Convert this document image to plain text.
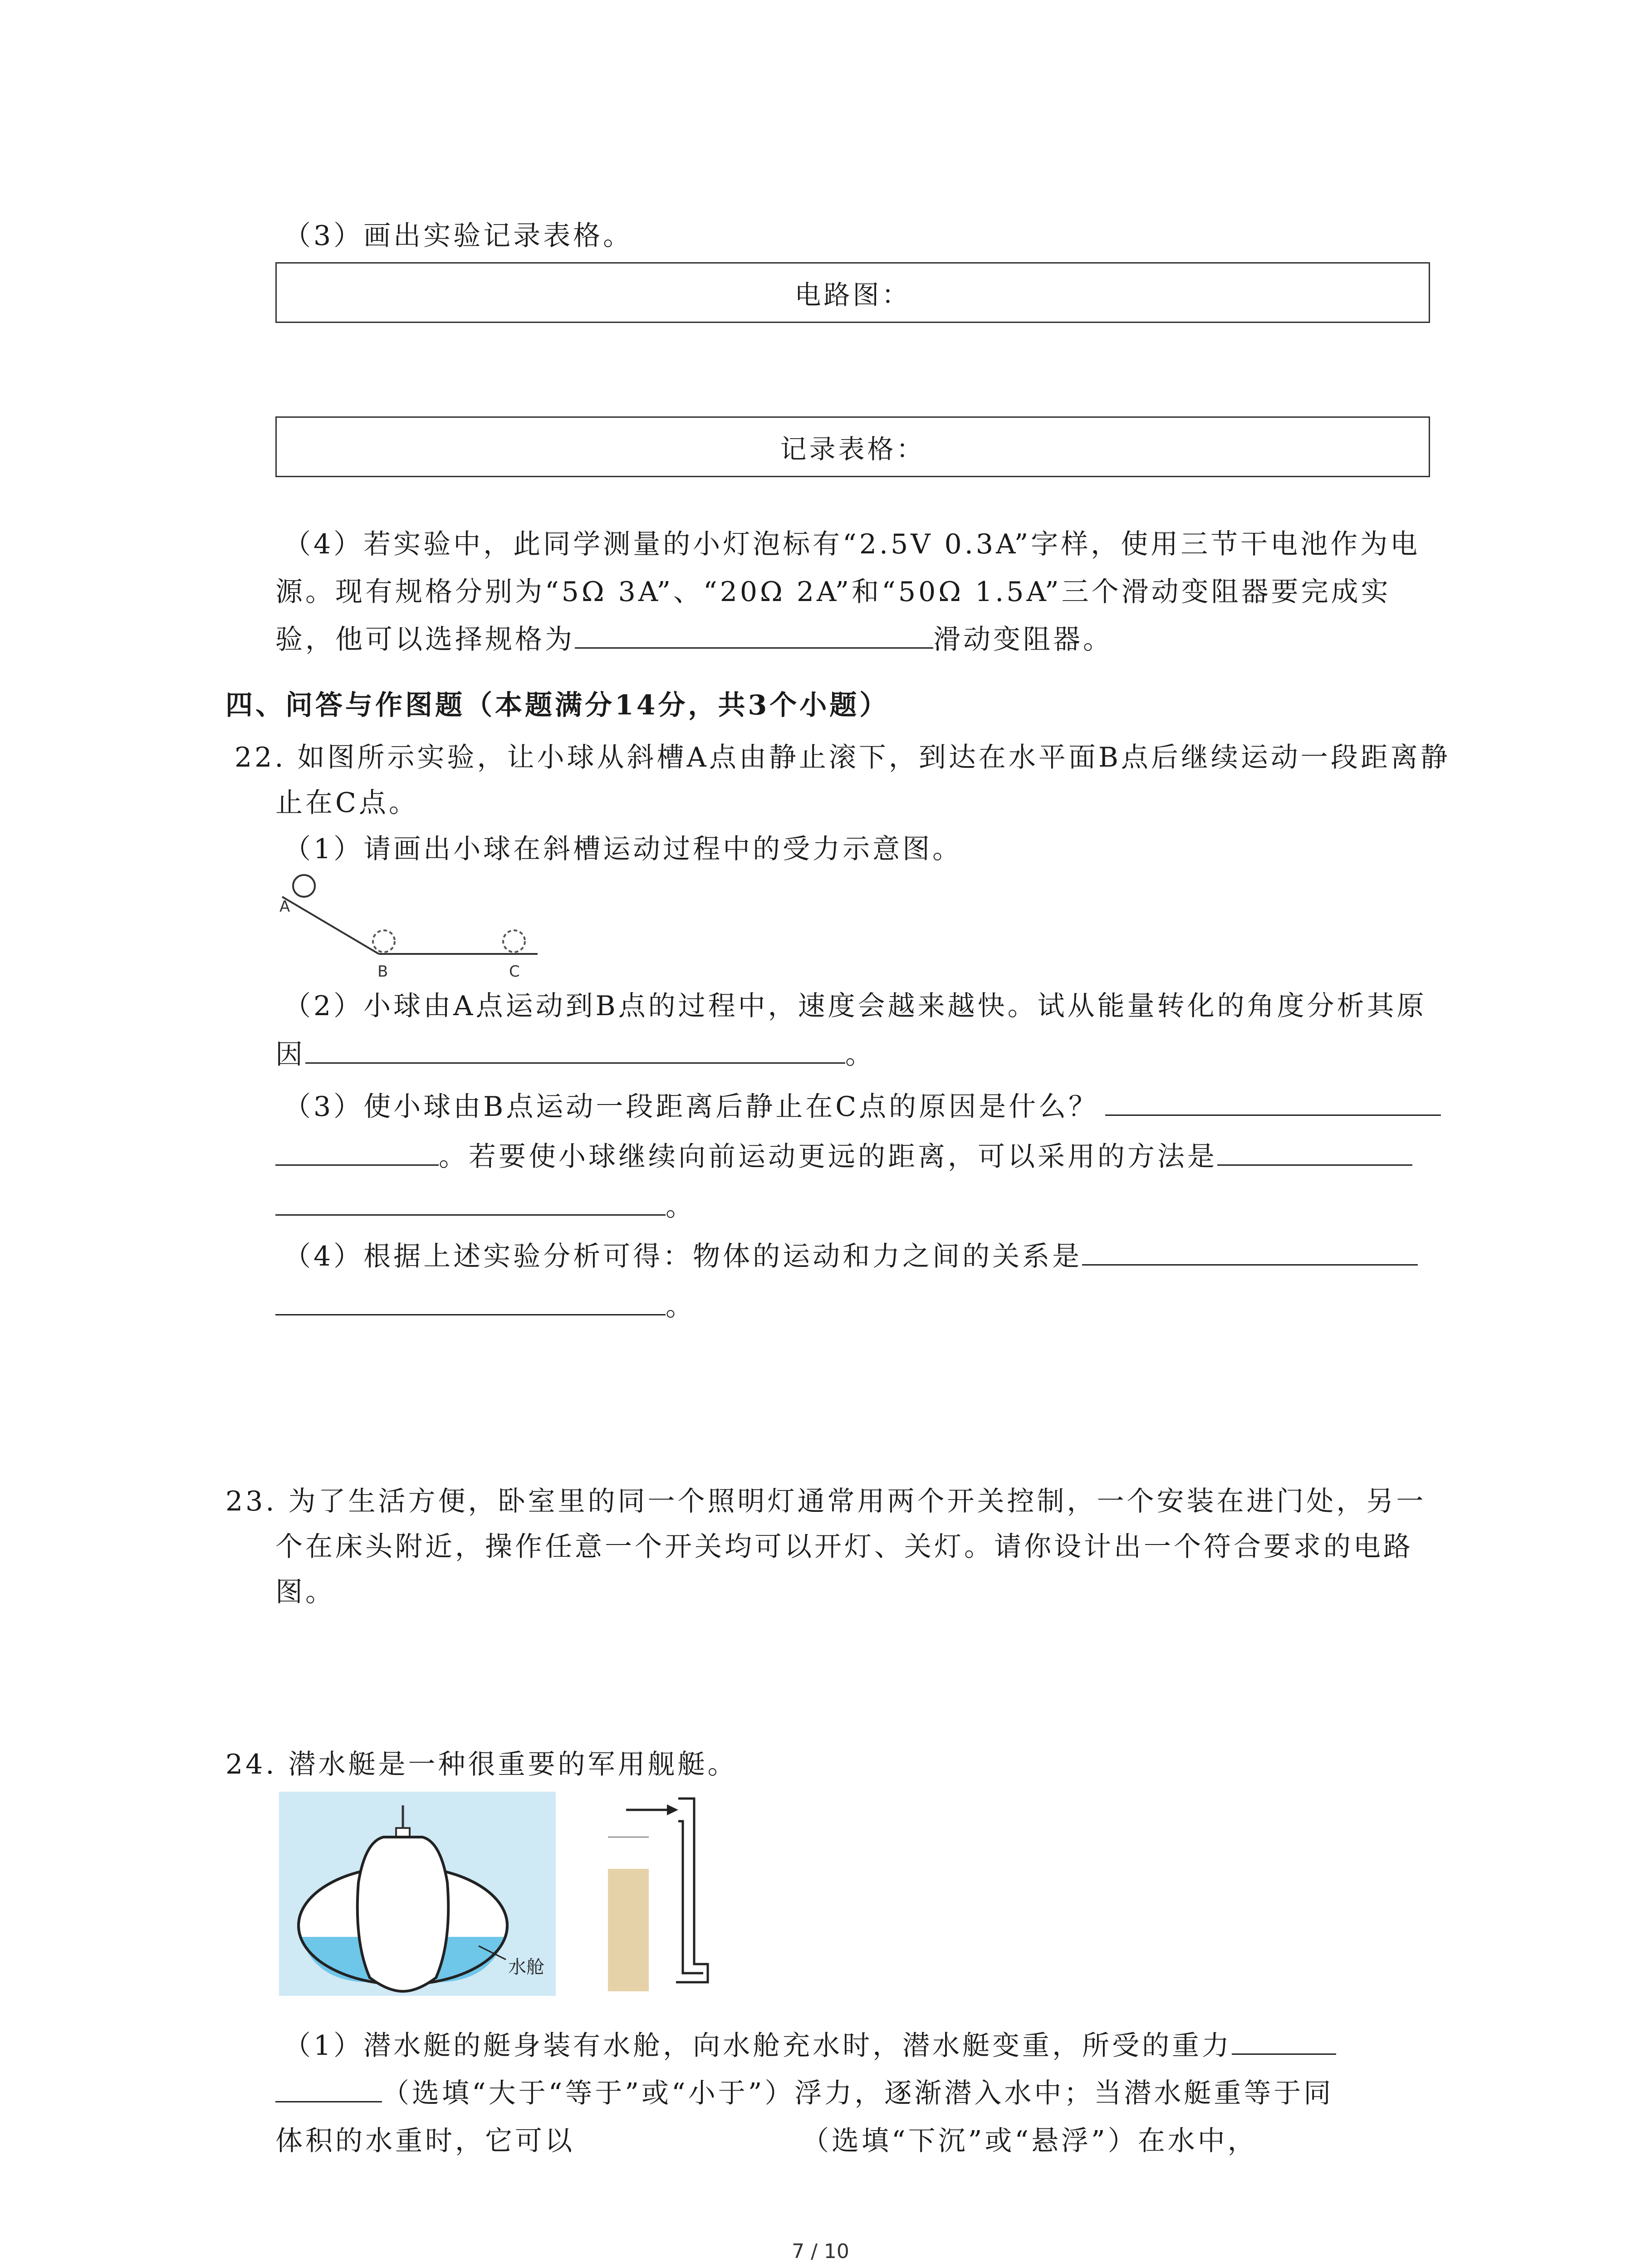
（3）画出实验记录表格。
电路图：
记录表格：
（4）若实验中，此同学测量的小灯泡标有“2.5V 0.3A”字样，使用三节干电池作为电
源。现有规格分别为“5Ω 3A”、“20Ω 2A”和“50Ω 1.5A”三个滑动变阻器要完成实
验，他可以选择规格为	滑动变阻器。
四、问答与作图题（本题满分14分，共3个小题）
22. 如图所示实验，让小球从斜槽A点由静止滚下，到达在水平面B点后继续运动一段距离静
止在C点。
（1）请画出小球在斜槽运动过程中的受力示意图。
A
B	C
（2）小球由A点运动到B点的过程中，速度会越来越快。试从能量转化的角度分析其原
因	。
（3）使小球由B点运动一段距离后静止在C点的原因是什么？
。若要使小球继续向前运动更远的距离，可以采用的方法是
。
（4）根据上述实验分析可得：物体的运动和力之间的关系是
。
23. 为了生活方便，卧室里的同一个照明灯通常用两个开关控制，一个安装在进门处，另一
个在床头附近，操作任意一个开关均可以开灯、关灯。请你设计出一个符合要求的电路
图。
24. 潜水艇是一种很重要的军用舰艇。
水舱
（1）潜水艇的艇身装有水舱，向水舱充水时，潜水艇变重，所受的重力
（选填“大于“等于”或“小于”）浮力，逐渐潜入水中；当潜水艇重等于同
体积的水重时，它可以	（选填“下沉”或“悬浮”）在水中，
7 / 10
